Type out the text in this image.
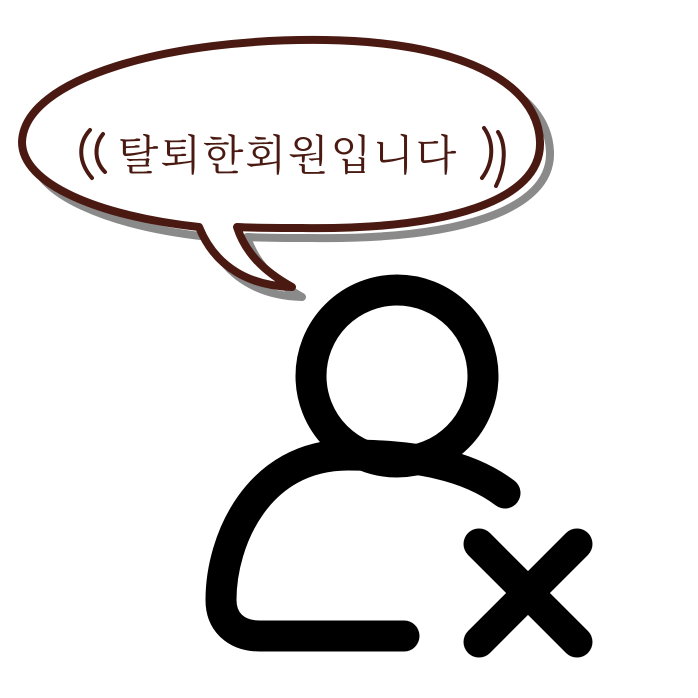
탈퇴한회원입니다
